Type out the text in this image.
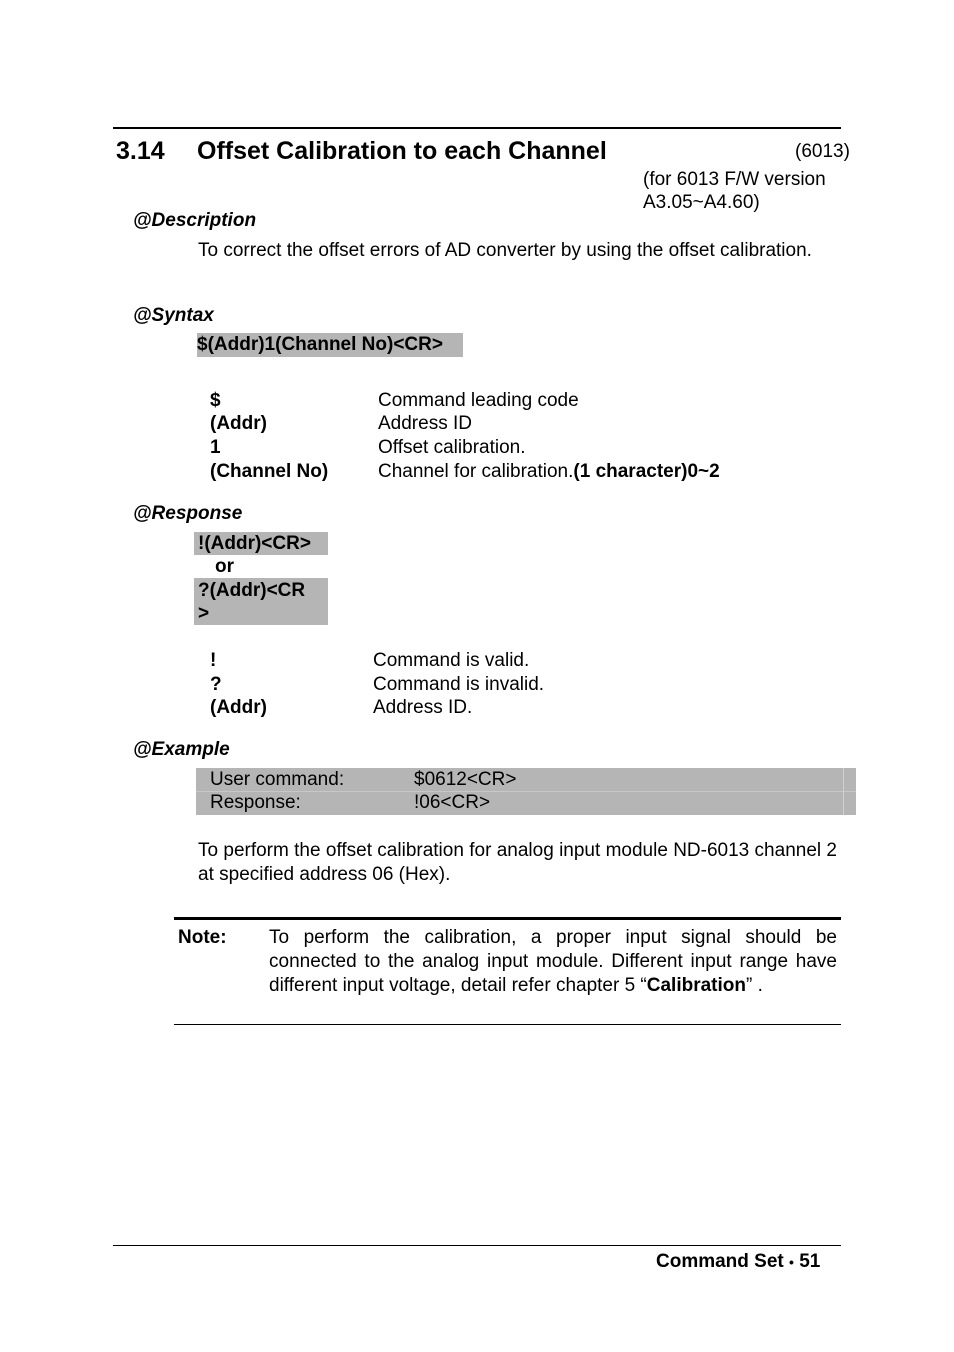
3.14 Offset Calibration to each Channel	(6013)
(for 6013 F/W version
A3.05~A4.60)
@Description
To correct the offset errors of AD converter by using the offset calibration.
@Syntax
$(Addr)1(Channel No)<CR>
$	Command leading code
(Addr)	Address ID
1	Offset calibration.
(Channel No)	Channel for calibration.(1 character)0~2
@Response
!(Addr)<CR>
or
?(Addr)<CR
>
!	Command is valid.
?	Command is invalid.
(Addr)	Address ID.
@Example
User command:	$0612<CR>
Response:	!06<CR>
To perform the offset calibration for analog input module ND-6013 channel 2 at specified address 06 (Hex).
Note: To perform the calibration, a proper input signal should be connected to the analog input module. Different input range have different input voltage, detail refer chapter 5 “Calibration” .
Command Set • 51
